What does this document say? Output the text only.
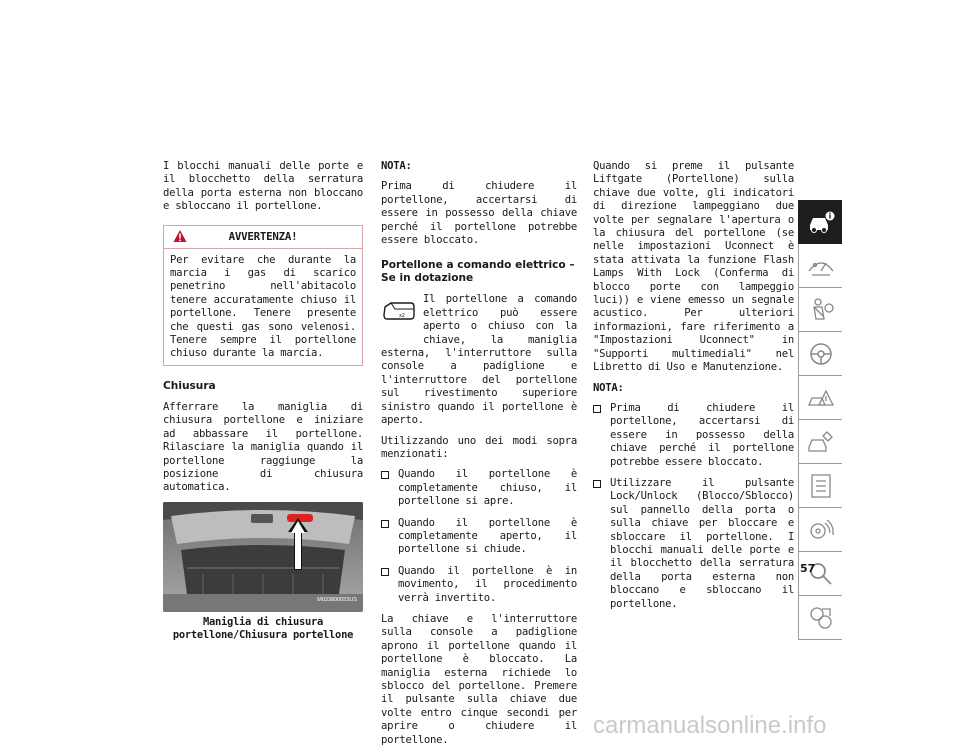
I blocchi manuali delle porte e il blocchetto della serratura della porta esterna non bloccano e sbloccano il portellone.

AVVERTENZA!
Per evitare che durante la marcia i gas di scarico penetrino nell'abitacolo tenere accuratamente chiuso il portellone. Tenere presente che questi gas sono velenosi. Tenere sempre il portellone chiuso durante la marcia.
Chiusura

Afferrare la maniglia di chiusura portellone e iniziare ad abbassare il portellone. Rilasciare la maniglia quando il portellone raggiunge la posizione di chiusura automatica.

M033800053US
Maniglia di chiusura portellone/Chiusura portellone

NOTA:

Prima di chiudere il portellone, accertarsi di essere in possesso della chiave perché il portellone potrebbe essere bloccato.

Portellone a comando elettrico – Se in dotazione

x2
Il portellone a comando elettrico può essere aperto o chiuso con la chiave, la maniglia esterna, l'interruttore sulla console a padiglione e l'interruttore del portellone sul rivestimento superiore sinistro quando il portellone è aperto.

Utilizzando uno dei modi sopra menzionati:

Quando il portellone è completamente chiuso, il portellone si apre.
Quando il portellone è completamente aperto, il portellone si chiude.
Quando il portellone è in movimento, il procedimento verrà invertito.

La chiave e l'interruttore sulla console a padiglione aprono il portellone quando il portellone è bloccato. La maniglia esterna richiede lo sblocco del portellone. Premere il pulsante sulla chiave due volte entro cinque secondi per aprire o chiudere il portellone.

Quando si preme il pulsante Liftgate (Portellone) sulla chiave due volte, gli indicatori di direzione lampeggiano due volte per segnalare l'apertura o la chiusura del portellone (se nelle impostazioni Uconnect è stata attivata la funzione Flash Lamps With Lock (Conferma di blocco porte con lampeggio luci)) e viene emesso un segnale acustico. Per ulteriori informazioni, fare riferimento a "Impostazioni Uconnect" in "Supporti multimediali" nel Libretto di Uso e Manutenzione.

NOTA:

Prima di chiudere il portellone, accertarsi di essere in possesso della chiave perché il portellone potrebbe essere bloccato.
Utilizzare il pulsante Lock/Unlock (Blocco/Sblocco) sul pannello della porta o sulla chiave per bloccare e sbloccare il portellone. I blocchi manuali delle porte e il blocchetto della serratura della porta esterna non bloccano e sbloccano il portellone.
57
carmanualsonline.info
